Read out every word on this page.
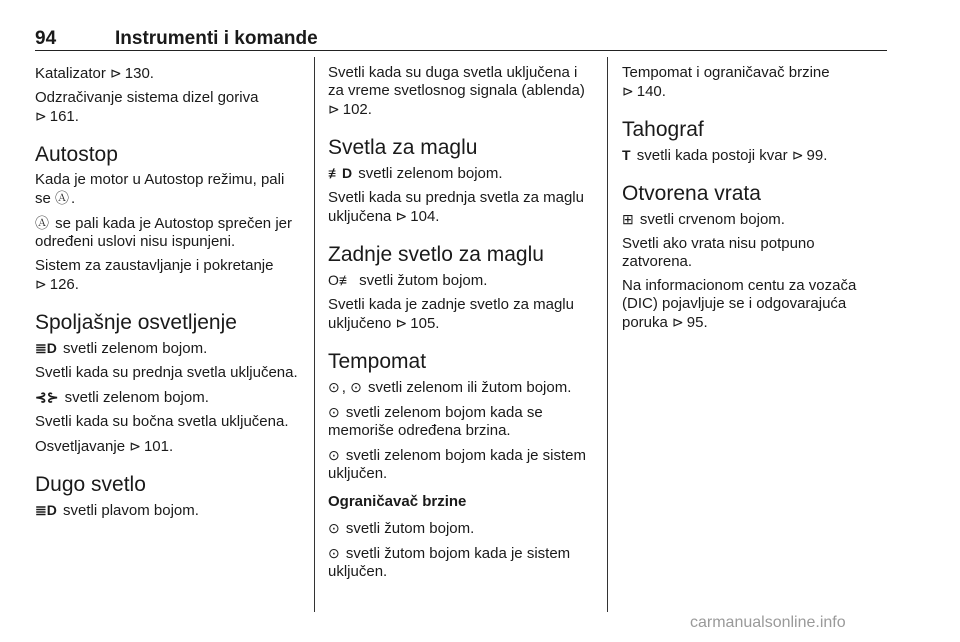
94	Instrumenti i komande

Katalizator ⊳ 130.

Odzračivanje sistema dizel goriva
⊳ 161.

Autostop

Kada je motor u Autostop režimu, pali
se Ⓐ .

Ⓐ se pali kada je Autostop sprečen jer određeni uslovi nisu ispunjeni.

Sistem za zaustavljanje i pokretanje
⊳ 126.

Spoljašnje osvetljenje

≣D svetli zelenom bojom.

Svetli kada su prednja svetla uključena.

⊰⊱ svetli zelenom bojom.

Svetli kada su bočna svetla uključena.

Osvetljavanje ⊳ 101.

Dugo svetlo

≣D svetli plavom bojom.

Svetli kada su duga svetla uključena i za vreme svetlosnog signala (ablenda) ⊳ 102.

Svetla za maglu

≢D svetli zelenom bojom.

Svetli kada su prednja svetla za maglu uključena ⊳ 104.

Zadnje svetlo za maglu

O≢ svetli žutom bojom.

Svetli kada je zadnje svetlo za maglu uključeno ⊳ 105.

Tempomat

⊙ , ⊙ svetli zelenom ili žutom bojom.

⊙ svetli zelenom bojom kada se memoriše određena brzina.

⊙ svetli zelenom bojom kada je sistem uključen.

Ograničavač brzine

⊙ svetli žutom bojom.

⊙ svetli žutom bojom kada je sistem uključen.

Tempomat i ograničavač brzine
⊳ 140.

Tahograf

T svetli kada postoji kvar ⊳ 99.

Otvorena vrata

⊞ svetli crvenom bojom.

Svetli ako vrata nisu potpuno zatvorena.

Na informacionom centu za vozača (DIC) pojavljuje se i odgovarajuća poruka ⊳ 95.

carmanualsonline.info
